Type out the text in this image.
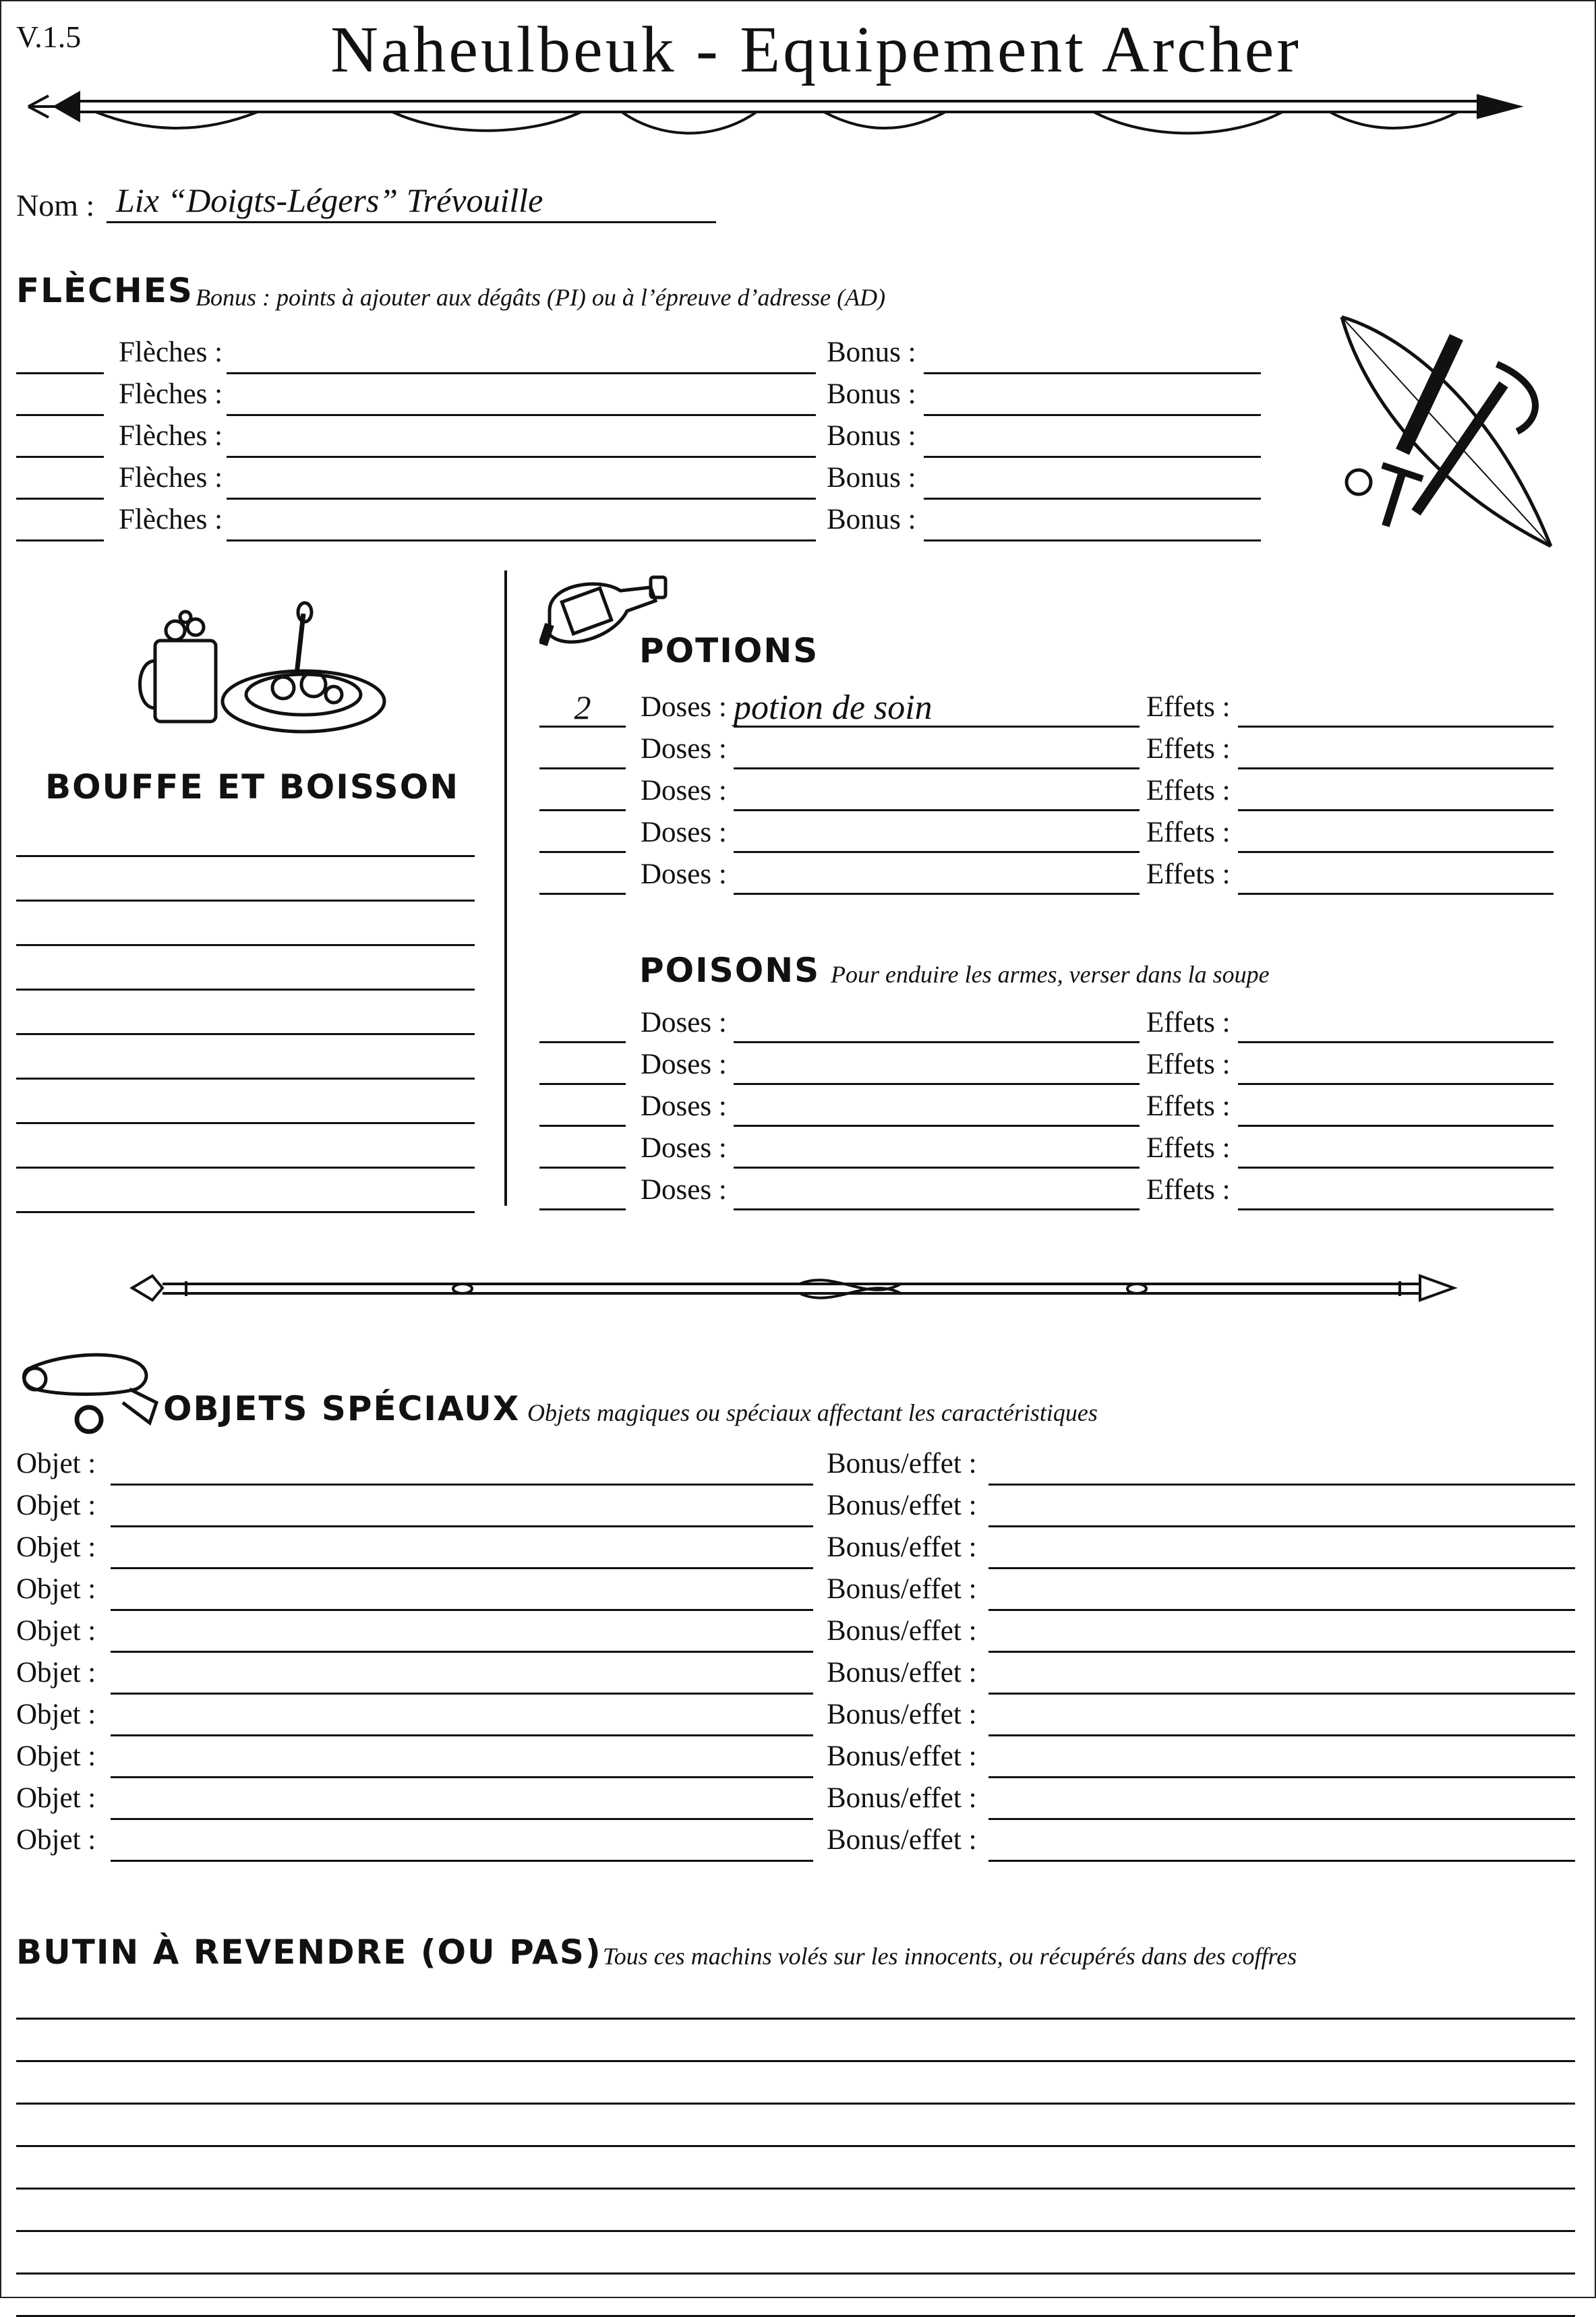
V.1.5	Naheulbeuk - Equipement Archer
Nom : Lix “Doigts-Légers” Trévouille
FLÈCHES Bonus : points à ajouter aux dégâts (PI) ou à l’épreuve d’adresse (AD)
BOUFFE ET BOISSON
POTIONS
POISONS Pour enduire les armes, verser dans la soupe
OBJETS SPÉCIAUX Objets magiques ou spéciaux affectant les caractéristiques
BUTIN À REVENDRE (OU PAS) Tous ces machins volés sur les innocents, ou récupérés dans des coffres
Flèches :	Bonus :
Flèches :	Bonus :
Flèches :	Bonus :
Flèches :	Bonus :
Flèches :	Bonus :
2	Doses : potion de soin	Effets :
Doses :	Effets :
Doses :	Effets :
Doses :	Effets :
Doses :	Effets :
Doses :	Effets :
Doses :	Effets :
Doses :	Effets :
Doses :	Effets :
Doses :	Effets :
Objet :	Bonus/effet :
Objet :	Bonus/effet :
Objet :	Bonus/effet :
Objet :	Bonus/effet :
Objet :	Bonus/effet :
Objet :	Bonus/effet :
Objet :	Bonus/effet :
Objet :	Bonus/effet :
Objet :	Bonus/effet :
Objet :	Bonus/effet :
